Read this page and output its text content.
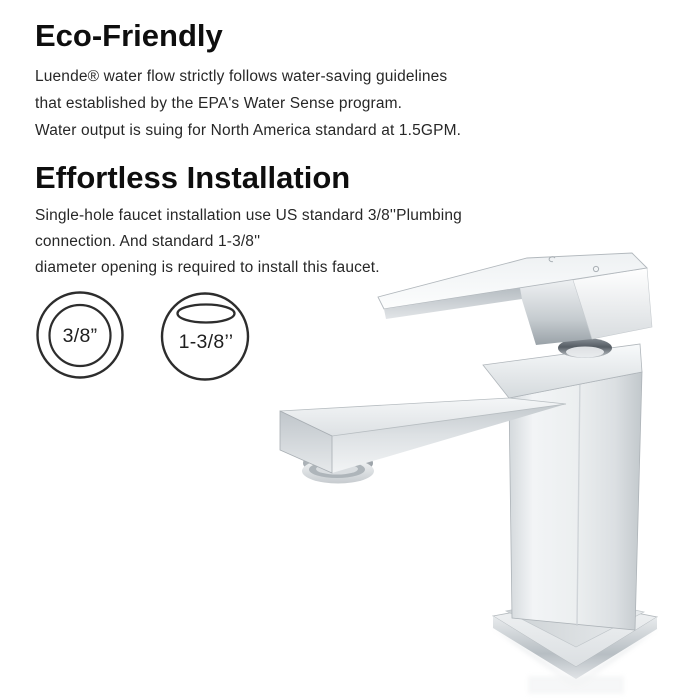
Eco-Friendly

Luende® water flow strictly follows water-saving guidelines
that established by the EPA's Water Sense program.
Water output is suing for North America standard at 1.5GPM.

Effortless Installation

Single-hole faucet installation use US standard 3/8''Plumbing
connection. And standard 1-3/8''
diameter opening is required to install this faucet.

3/8”	1-3/8’’
